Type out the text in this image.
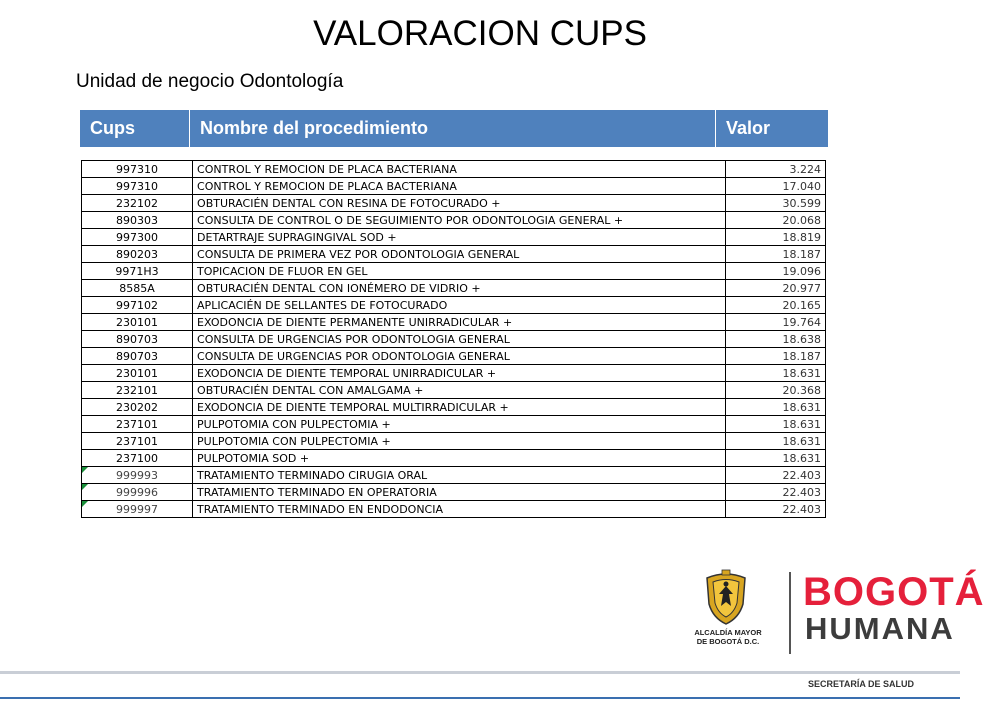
VALORACION CUPS
Unidad de negocio Odontología
Cups	Nombre del procedimiento	Valor
997310	CONTROL Y REMOCION DE PLACA BACTERIANA	3.224
997310	CONTROL Y REMOCION DE PLACA BACTERIANA	17.040
232102	OBTURACIÉN DENTAL CON RESINA DE FOTOCURADO +	30.599
890303	CONSULTA DE CONTROL O DE SEGUIMIENTO POR ODONTOLOGIA GENERAL +	20.068
997300	DETARTRAJE SUPRAGINGIVAL SOD +	18.819
890203	CONSULTA DE PRIMERA VEZ POR ODONTOLOGIA GENERAL	18.187
9971H3	TOPICACION DE FLUOR EN GEL	19.096
8585A	OBTURACIÉN DENTAL CON IONÉMERO DE VIDRIO +	20.977
997102	APLICACIÉN DE SELLANTES DE FOTOCURADO	20.165
230101	EXODONCIA DE DIENTE PERMANENTE UNIRRADICULAR +	19.764
890703	CONSULTA DE URGENCIAS POR ODONTOLOGIA GENERAL	18.638
890703	CONSULTA DE URGENCIAS POR ODONTOLOGIA GENERAL	18.187
230101	EXODONCIA DE DIENTE TEMPORAL UNIRRADICULAR +	18.631
232101	OBTURACIÉN DENTAL CON AMALGAMA +	20.368
230202	EXODONCIA DE DIENTE TEMPORAL MULTIRRADICULAR +	18.631
237101	PULPOTOMIA CON PULPECTOMIA +	18.631
237101	PULPOTOMIA CON PULPECTOMIA +	18.631
237100	PULPOTOMIA SOD +	18.631

999993	TRATAMIENTO TERMINADO CIRUGIA ORAL	22.403

999996	TRATAMIENTO TERMINADO EN OPERATORIA	22.403

999997	TRATAMIENTO TERMINADO EN ENDODONCIA	22.403
ALCALDÍA MAYOR
DE BOGOTÁ D.C.
BOGOTÁ
HUMANA
SECRETARÍA DE SALUD
